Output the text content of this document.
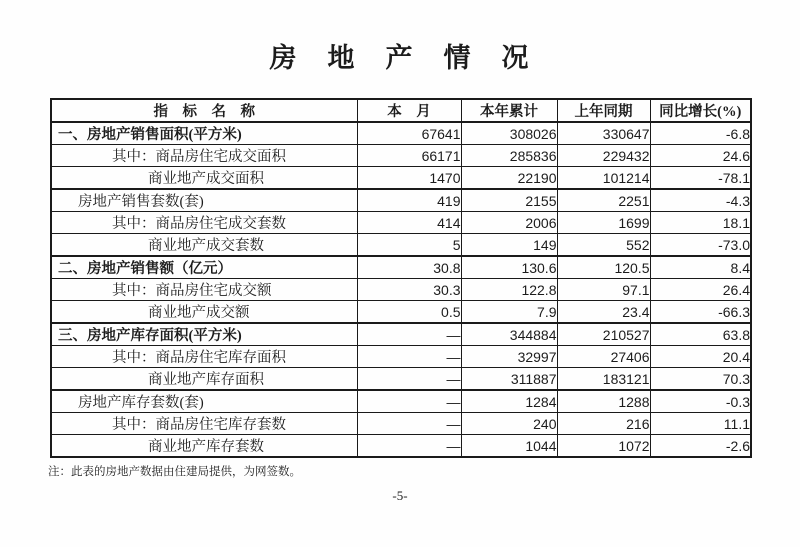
房　地　产　情　况
指　标　名　称	本　月	本年累计	上年同期	同比增长(%)
一、房地产销售面积(平方米)	67641	308026	330647	-6.8
其中：商品房住宅成交面积	66171	285836	229432	24.6
商业地产成交面积	1470	22190	101214	-78.1
房地产销售套数(套)	419	2155	2251	-4.3
其中：商品房住宅成交套数	414	2006	1699	18.1
商业地产成交套数	5	149	552	-73.0
二、房地产销售额（亿元）	30.8	130.6	120.5	8.4
其中：商品房住宅成交额	30.3	122.8	97.1	26.4
商业地产成交额	0.5	7.9	23.4	-66.3
三、房地产库存面积(平方米)	—	344884	210527	63.8
其中：商品房住宅库存面积	—	32997	27406	20.4
商业地产库存面积	—	311887	183121	70.3
房地产库存套数(套)	—	1284	1288	-0.3
其中：商品房住宅库存套数	—	240	216	11.1
商业地产库存套数	—	1044	1072	-2.6
注：此表的房地产数据由住建局提供，为网签数。
-5-
